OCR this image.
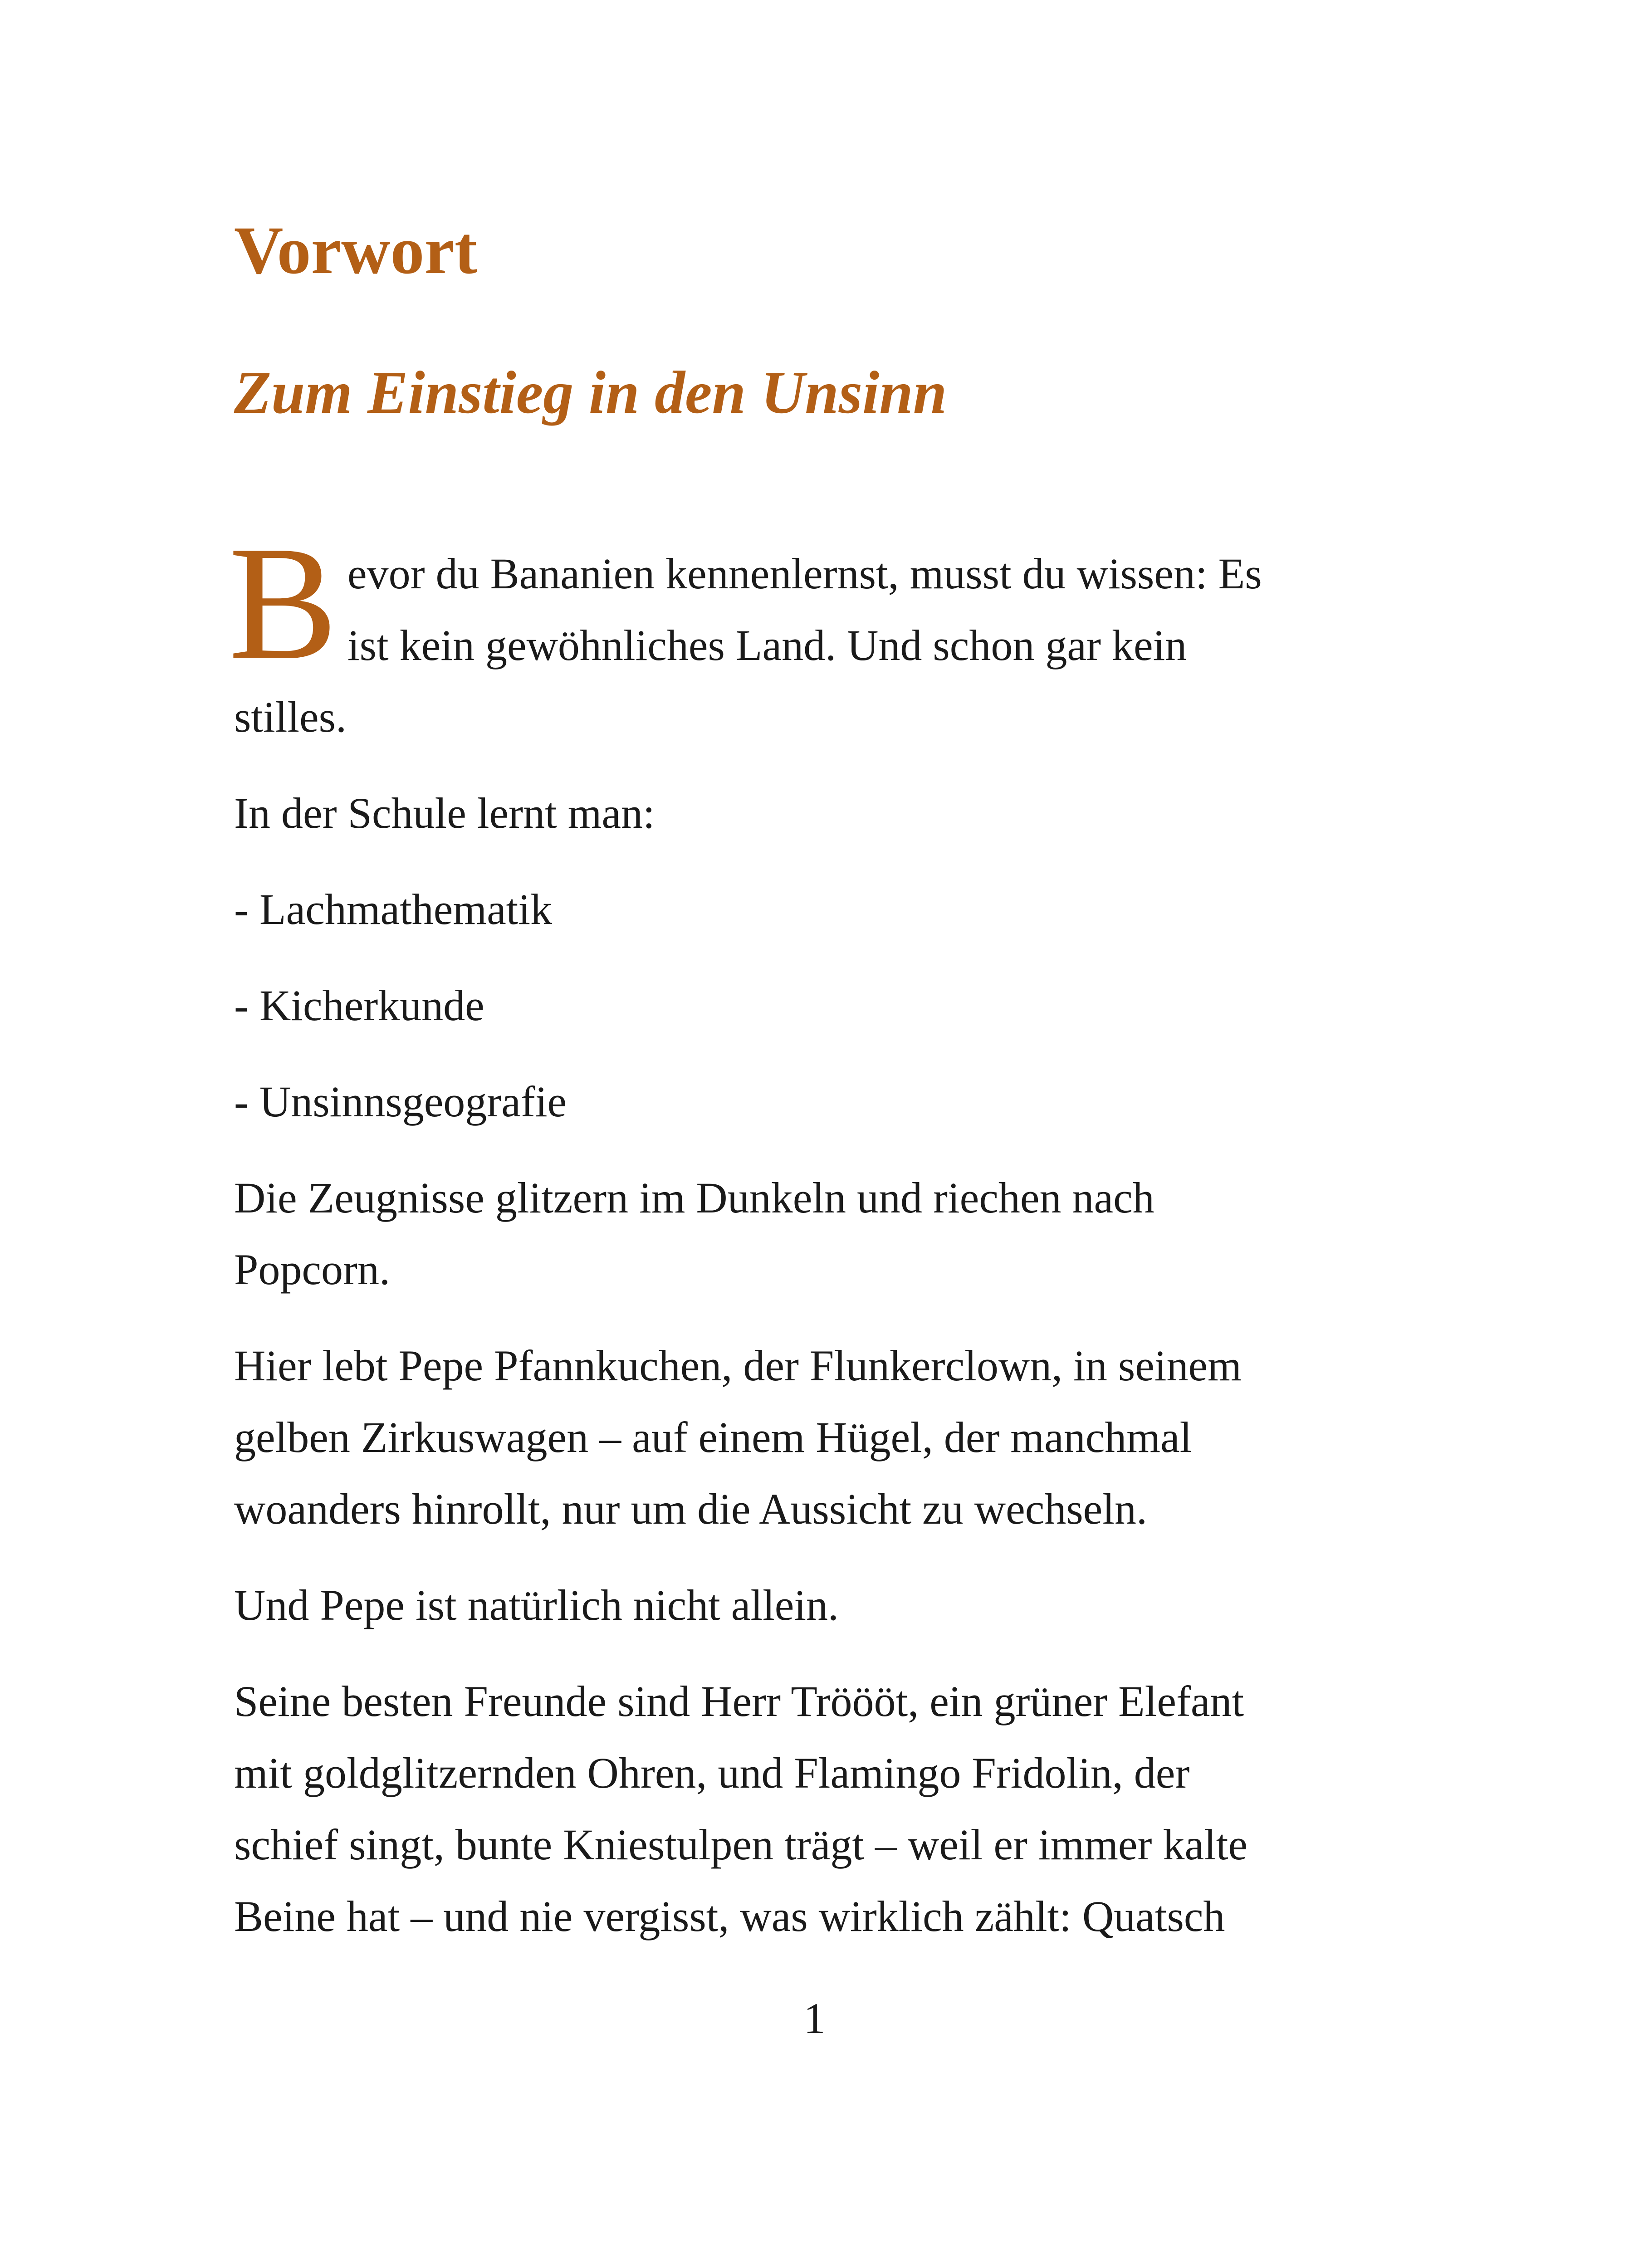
Vorwort
Zum Einstieg in den Unsinn

B evor du Bananien kennenlernst, musst du wissen: Es
ist kein gewöhnliches Land. Und schon gar kein
stilles.

In der Schule lernt man:

- Lachmathematik

- Kicherkunde

- Unsinnsgeografie

Die Zeugnisse glitzern im Dunkeln und riechen nach
Popcorn.

Hier lebt Pepe Pfannkuchen, der Flunkerclown, in seinem
gelben Zirkuswagen – auf einem Hügel, der manchmal
woanders hinrollt, nur um die Aussicht zu wechseln.

Und Pepe ist natürlich nicht allein.

Seine besten Freunde sind Herr Tröööt, ein grüner Elefant
mit goldglitzernden Ohren, und Flamingo Fridolin, der
schief singt, bunte Kniestulpen trägt – weil er immer kalte
Beine hat – und nie vergisst, was wirklich zählt: Quatsch

1
